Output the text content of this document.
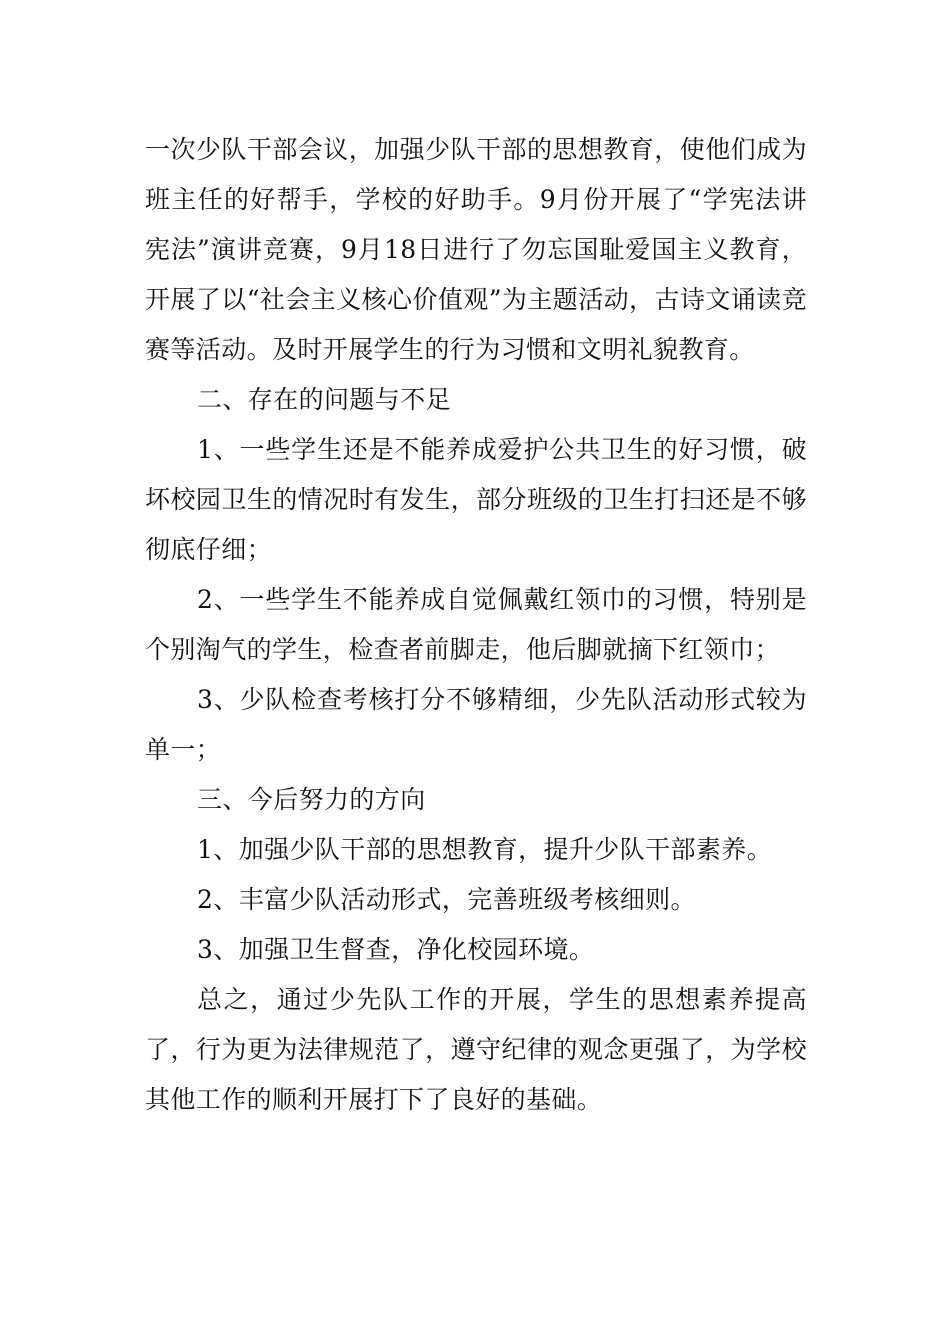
一次少队干部会议，加强少队干部的思想教育，使他们成为班主任的好帮手，学校的好助手。9月份开展了“学宪法讲宪法”演讲竞赛，9月18日进行了勿忘国耻爱国主义教育，开展了以“社会主义核心价值观”为主题活动，古诗文诵读竞赛等活动。及时开展学生的行为习惯和文明礼貌教育。

二、存在的问题与不足

1、一些学生还是不能养成爱护公共卫生的好习惯，破坏校园卫生的情况时有发生，部分班级的卫生打扫还是不够彻底仔细；

2、一些学生不能养成自觉佩戴红领巾的习惯，特别是个别淘气的学生，检查者前脚走，他后脚就摘下红领巾；

3、少队检查考核打分不够精细，少先队活动形式较为单一；

三、今后努力的方向

1、加强少队干部的思想教育，提升少队干部素养。

2、丰富少队活动形式，完善班级考核细则。

3、加强卫生督查，净化校园环境。

总之，通过少先队工作的开展，学生的思想素养提高了，行为更为法律规范了，遵守纪律的观念更强了，为学校其他工作的顺利开展打下了良好的基础。
